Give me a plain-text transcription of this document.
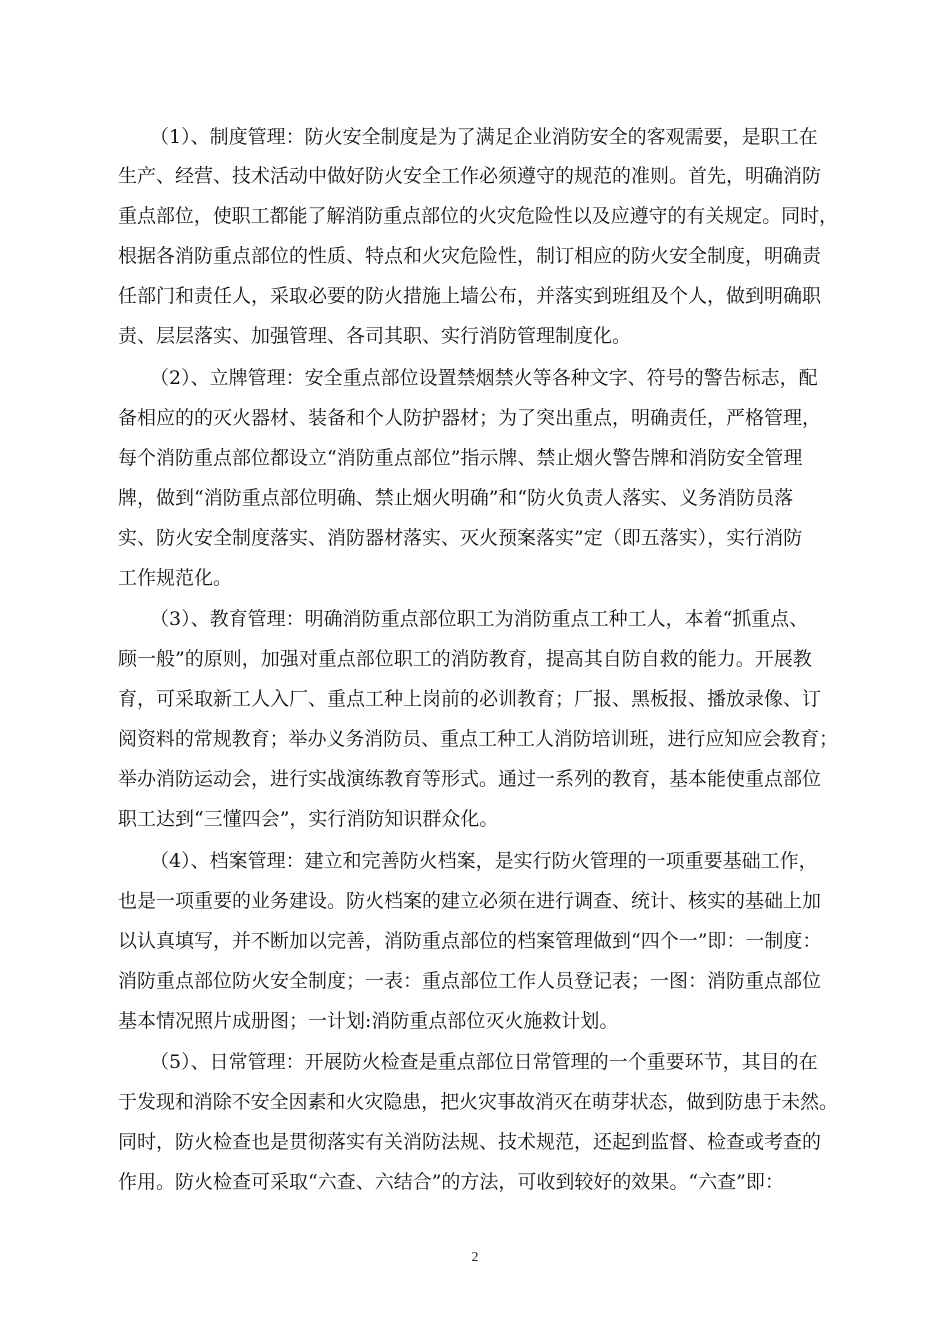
（1）、制度管理：防火安全制度是为了满足企业消防安全的客观需要，是职工在
生产、经营、技术活动中做好防火安全工作必须遵守的规范的准则。首先，明确消防
重点部位，使职工都能了解消防重点部位的火灾危险性以及应遵守的有关规定。同时，
根据各消防重点部位的性质、特点和火灾危险性，制订相应的防火安全制度，明确责
任部门和责任人，采取必要的防火措施上墙公布，并落实到班组及个人，做到明确职
责、层层落实、加强管理、各司其职、实行消防管理制度化。
（2）、立牌管理：安全重点部位设置禁烟禁火等各种文字、符号的警告标志，配
备相应的的灭火器材、装备和个人防护器材；为了突出重点，明确责任，严格管理，
每个消防重点部位都设立“消防重点部位”指示牌、禁止烟火警告牌和消防安全管理
牌，做到“消防重点部位明确、禁止烟火明确”和“防火负责人落实、义务消防员落
实、防火安全制度落实、消防器材落实、灭火预案落实”定（即五落实），实行消防
工作规范化。
（3）、教育管理：明确消防重点部位职工为消防重点工种工人，本着“抓重点、
顾一般”的原则，加强对重点部位职工的消防教育，提高其自防自救的能力。开展教
育，可采取新工人入厂、重点工种上岗前的必训教育；厂报、黑板报、播放录像、订
阅资料的常规教育；举办义务消防员、重点工种工人消防培训班，进行应知应会教育；
举办消防运动会，进行实战演练教育等形式。通过一系列的教育，基本能使重点部位
职工达到“三懂四会”，实行消防知识群众化。
（4）、档案管理：建立和完善防火档案，是实行防火管理的一项重要基础工作，
也是一项重要的业务建设。防火档案的建立必须在进行调查、统计、核实的基础上加
以认真填写，并不断加以完善，消防重点部位的档案管理做到“四个一”即：一制度：
消防重点部位防火安全制度；一表：重点部位工作人员登记表；一图：消防重点部位
基本情况照片成册图；一计划:消防重点部位灭火施救计划。
（5）、日常管理：开展防火检查是重点部位日常管理的一个重要环节，其目的在
于发现和消除不安全因素和火灾隐患，把火灾事故消灭在萌芽状态，做到防患于未然。
同时，防火检查也是贯彻落实有关消防法规、技术规范，还起到监督、检查或考查的
作用。防火检查可采取“六查、六结合”的方法，可收到较好的效果。“六查”即：
2
